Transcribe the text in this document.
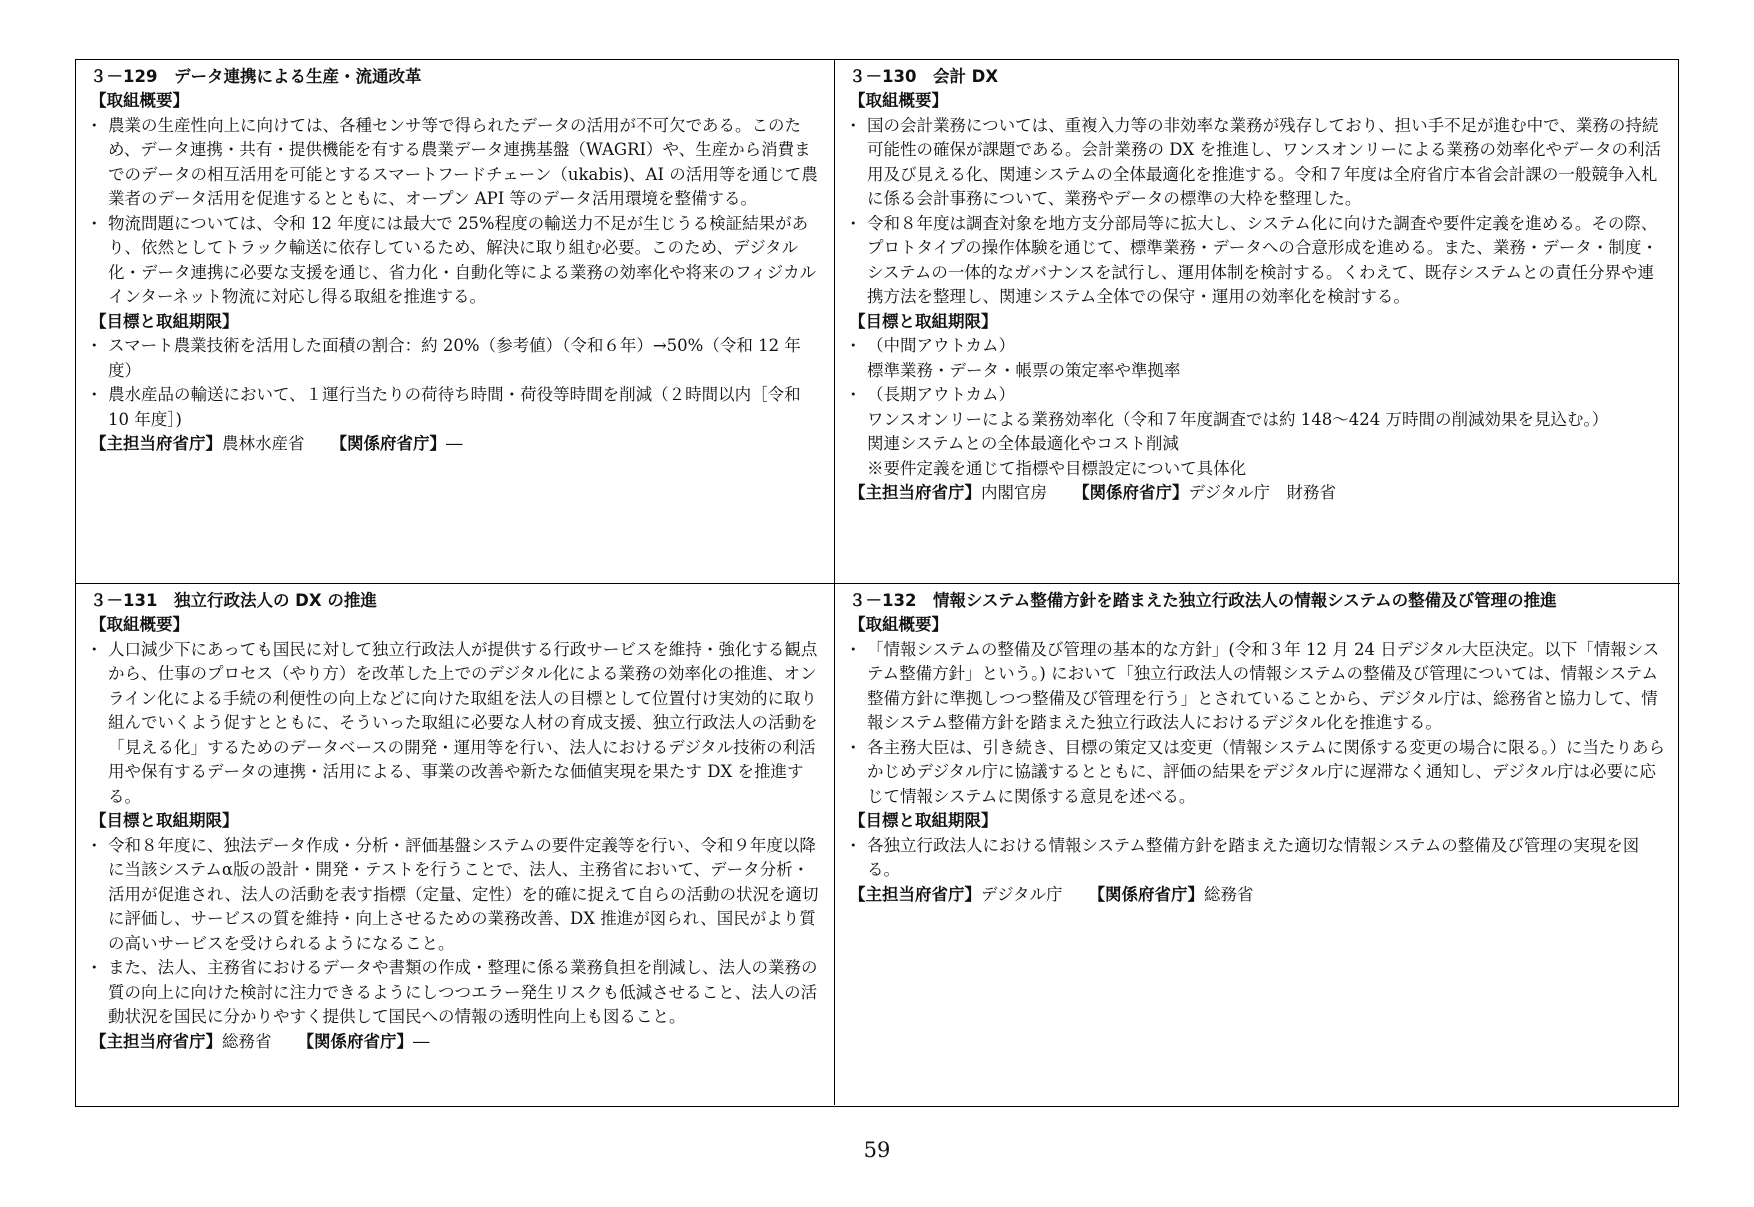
３－129　データ連携による生産・流通改革
【取組概要】
・ 農業の生産性向上に向けては、各種センサ等で得られたデータの活用が不可欠である。このため、データ連携・共有・提供機能を有する農業データ連携基盤（WAGRI）や、生産から消費までのデータの相互活用を可能とするスマートフードチェーン（ukabis)、AI の活用等を通じて農業者のデータ活用を促進するとともに、オープン API 等のデータ活用環境を整備する。
・ 物流問題については、令和 12 年度には最大で 25%程度の輸送力不足が生じうる検証結果があり、依然としてトラック輸送に依存しているため、解決に取り組む必要。このため、デジタル化・データ連携に必要な支援を通じ、省力化・自動化等による業務の効率化や将来のフィジカルインターネット物流に対応し得る取組を推進する。
【目標と取組期限】
・ スマート農業技術を活用した面積の割合：約 20%（参考値）（令和６年）→50%（令和 12 年度）
・ 農水産品の輸送において、１運行当たりの荷待ち時間・荷役等時間を削減（２時間以内［令和 10 年度］)
【主担当府省庁】農林水産省 【関係府省庁】―
３－130　会計 DX
【取組概要】
・ 国の会計業務については、重複入力等の非効率な業務が残存しており、担い手不足が進む中で、業務の持続可能性の確保が課題である。会計業務の DX を推進し、ワンスオンリーによる業務の効率化やデータの利活用及び見える化、関連システムの全体最適化を推進する。令和７年度は全府省庁本省会計課の一般競争入札に係る会計事務について、業務やデータの標準の大枠を整理した。
・ 令和８年度は調査対象を地方支分部局等に拡大し、システム化に向けた調査や要件定義を進める。その際、プロトタイプの操作体験を通じて、標準業務・データへの合意形成を進める。また、業務・データ・制度・システムの一体的なガバナンスを試行し、運用体制を検討する。くわえて、既存システムとの責任分界や連携方法を整理し、関連システム全体での保守・運用の効率化を検討する。
【目標と取組期限】
・ （中間アウトカム）
標準業務・データ・帳票の策定率や準拠率
・ （長期アウトカム）
ワンスオンリーによる業務効率化（令和７年度調査では約 148～424 万時間の削減効果を見込む。）
関連システムとの全体最適化やコスト削減
※要件定義を通じて指標や目標設定について具体化
【主担当府省庁】内閣官房 【関係府省庁】デジタル庁　財務省
３－131　独立行政法人の DX の推進
【取組概要】
・ 人口減少下にあっても国民に対して独立行政法人が提供する行政サービスを維持・強化する観点から、仕事のプロセス（やり方）を改革した上でのデジタル化による業務の効率化の推進、オンライン化による手続の利便性の向上などに向けた取組を法人の目標として位置付け実効的に取り組んでいくよう促すとともに、そういった取組に必要な人材の育成支援、独立行政法人の活動を「見える化」するためのデータベースの開発・運用等を行い、法人におけるデジタル技術の利活用や保有するデータの連携・活用による、事業の改善や新たな価値実現を果たす DX を推進する。
【目標と取組期限】
・ 令和８年度に、独法データ作成・分析・評価基盤システムの要件定義等を行い、令和９年度以降に当該システムα版の設計・開発・テストを行うことで、法人、主務省において、データ分析・活用が促進され、法人の活動を表す指標（定量、定性）を的確に捉えて自らの活動の状況を適切に評価し、サービスの質を維持・向上させるための業務改善、DX 推進が図られ、国民がより質の高いサービスを受けられるようになること。
・ また、法人、主務省におけるデータや書類の作成・整理に係る業務負担を削減し、法人の業務の質の向上に向けた検討に注力できるようにしつつエラー発生リスクも低減させること、法人の活動状況を国民に分かりやすく提供して国民への情報の透明性向上も図ること。
【主担当府省庁】総務省 【関係府省庁】―
３－132　情報システム整備方針を踏まえた独立行政法人の情報システムの整備及び管理の推進
【取組概要】
・ 「情報システムの整備及び管理の基本的な方針」(令和３年 12 月 24 日デジタル大臣決定。以下「情報システム整備方針」という。) において「独立行政法人の情報システムの整備及び管理については、情報システム整備方針に準拠しつつ整備及び管理を行う」とされていることから、デジタル庁は、総務省と協力して、情報システム整備方針を踏まえた独立行政法人におけるデジタル化を推進する。
・ 各主務大臣は、引き続き、目標の策定又は変更（情報システムに関係する変更の場合に限る。）に当たりあらかじめデジタル庁に協議するとともに、評価の結果をデジタル庁に遅滞なく通知し、デジタル庁は必要に応じて情報システムに関係する意見を述べる。
【目標と取組期限】
・ 各独立行政法人における情報システム整備方針を踏まえた適切な情報システムの整備及び管理の実現を図る。
【主担当府省庁】デジタル庁 【関係府省庁】総務省
59
